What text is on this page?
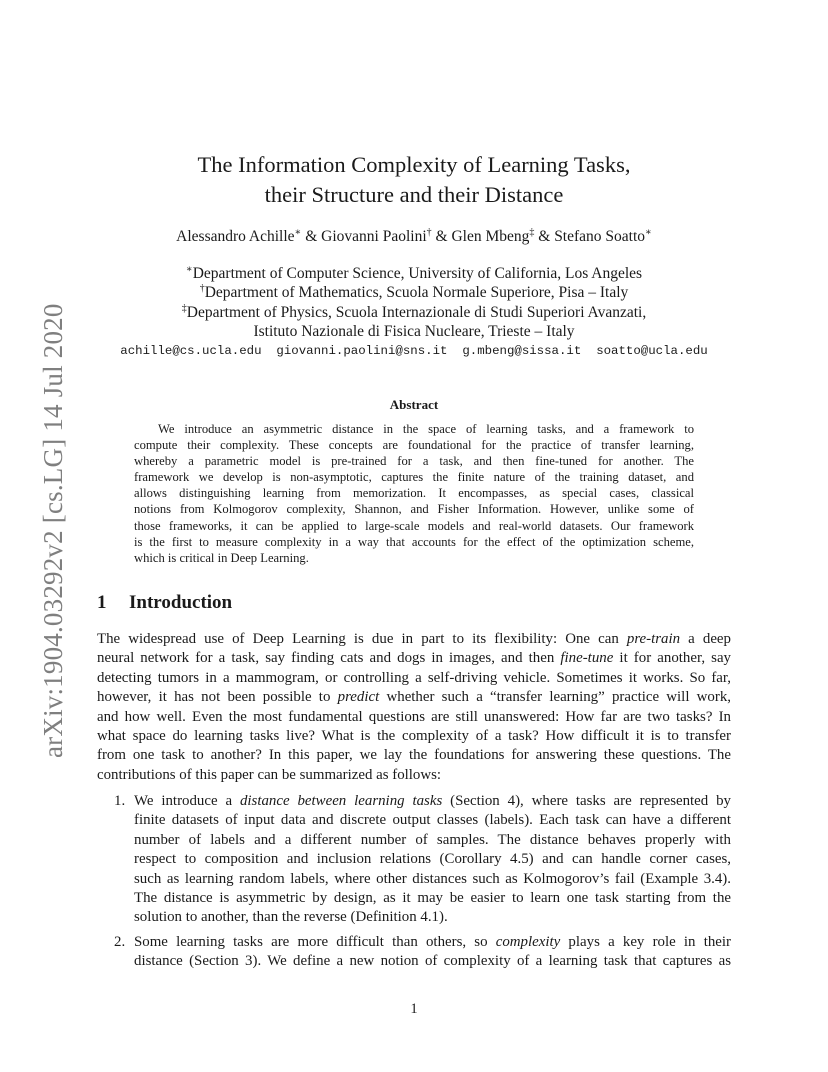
arXiv:1904.03292v2 [cs.LG] 14 Jul 2020
The Information Complexity of Learning Tasks,
their Structure and their Distance
Alessandro Achille∗ & Giovanni Paolini† & Glen Mbeng‡ & Stefano Soatto∗
∗Department of Computer Science, University of California, Los Angeles
†Department of Mathematics, Scuola Normale Superiore, Pisa – Italy
‡Department of Physics, Scuola Internazionale di Studi Superiori Avanzati,
Istituto Nazionale di Fisica Nucleare, Trieste – Italy
achille@cs.ucla.edu giovanni.paolini@sns.it g.mbeng@sissa.it soatto@ucla.edu
Abstract
We introduce an asymmetric distance in the space of learning tasks, and a framework to
compute their complexity. These concepts are foundational for the practice of transfer learning,
whereby a parametric model is pre-trained for a task, and then fine-tuned for another. The
framework we develop is non-asymptotic, captures the finite nature of the training dataset, and
allows distinguishing learning from memorization. It encompasses, as special cases, classical
notions from Kolmogorov complexity, Shannon, and Fisher Information. However, unlike some of
those frameworks, it can be applied to large-scale models and real-world datasets. Our framework
is the first to measure complexity in a way that accounts for the effect of the optimization scheme,
which is critical in Deep Learning.
1 Introduction
The widespread use of Deep Learning is due in part to its flexibility: One can pre-train a deep
neural network for a task, say finding cats and dogs in images, and then fine-tune it for another, say
detecting tumors in a mammogram, or controlling a self-driving vehicle. Sometimes it works. So far,
however, it has not been possible to predict whether such a “transfer learning” practice will work,
and how well. Even the most fundamental questions are still unanswered: How far are two tasks? In
what space do learning tasks live? What is the complexity of a task? How difficult it is to transfer
from one task to another? In this paper, we lay the foundations for answering these questions. The
contributions of this paper can be summarized as follows:
1. We introduce a distance between learning tasks (Section 4), where tasks are represented by
finite datasets of input data and discrete output classes (labels). Each task can have a different
number of labels and a different number of samples. The distance behaves properly with
respect to composition and inclusion relations (Corollary 4.5) and can handle corner cases,
such as learning random labels, where other distances such as Kolmogorov’s fail (Example 3.4).
The distance is asymmetric by design, as it may be easier to learn one task starting from the
solution to another, than the reverse (Definition 4.1).
2. Some learning tasks are more difficult than others, so complexity plays a key role in their
distance (Section 3). We define a new notion of complexity of a learning task that captures as
1
